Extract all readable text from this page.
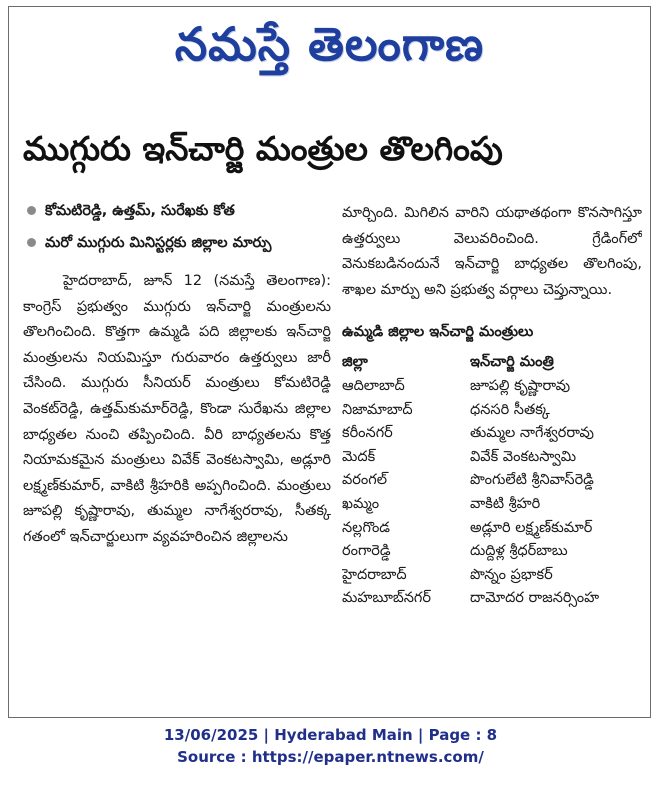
నమస్తే తెలంగాణ
ముగ్గురు ఇన్‌చార్జి మంత్రుల తొలగింపు
కోమటిరెడ్డి, ఉత్తమ్‌, సురేఖకు కోత
మరో ముగ్గురు మినిస్టర్లకు జిల్లాల మార్పు
హైదరాబాద్‌, జూన్‌ 12 (నమస్తే తెలంగాణ): కాంగ్రెస్‌ ప్రభుత్వం ముగ్గురు ఇన్‌చార్జి మంత్రులను తొలగించింది. కొత్తగా ఉమ్మడి పది జిల్లాలకు ఇన్‌చార్జి మంత్రులను నియమిస్తూ గురువారం ఉత్తర్వులు జారీ చేసింది. ముగ్గురు సీనియర్‌ మంత్రులు కోమటిరెడ్డి వెంకట్‌రెడ్డి, ఉత్తమ్‌కుమార్‌రెడ్డి, కొండా సురేఖను జిల్లాల బాధ్యతల నుంచి తప్పించింది. వీరి బాధ్యతలను కొత్త నియామకమైన మంత్రులు వివేక్‌ వెంకటస్వామి, అడ్లూరి లక్ష్మణ్‌కుమార్‌, వాకిటి శ్రీహరికి అప్పగించింది. మంత్రులు జూపల్లి కృష్ణారావు, తుమ్మల నాగేశ్వరరావు, సీతక్క గతంలో ఇన్‌చార్జులుగా వ్యవహరించిన జిల్లాలను
మార్చింది. మిగిలిన వారిని యథాతథంగా కొనసాగిస్తూ ఉత్తర్వులు వెలువరించింది. గ్రేడింగ్‌లో వెనుకబడినందునే ఇన్‌చార్జి బాధ్యతల తొలగింపు, శాఖల మార్పు అని ప్రభుత్వ వర్గాలు చెప్తున్నాయి.
ఉమ్మడి జిల్లాల ఇన్‌చార్జి మంత్రులు
జిల్లా	ఇన్‌చార్జి మంత్రి
ఆదిలాబాద్‌	జూపల్లి కృష్ణారావు
నిజామాబాద్‌	ధనసరి సీతక్క
కరీంనగర్‌	తుమ్మల నాగేశ్వరరావు
మెదక్‌	వివేక్‌ వెంకటస్వామి
వరంగల్‌	పొంగులేటి శ్రీనివాస్‌రెడ్డి
ఖమ్మం	వాకిటి శ్రీహరి
నల్లగొండ	అడ్లూరి లక్ష్మణ్‌కుమార్‌
రంగారెడ్డి	దుద్దిళ్ల శ్రీధర్‌బాబు
హైదరాబాద్‌	పొన్నం ప్రభాకర్‌
మహబూబ్‌నగర్‌	దామోదర రాజనర్సింహ
13/06/2025 | Hyderabad Main | Page : 8
Source : https://epaper.ntnews.com/
